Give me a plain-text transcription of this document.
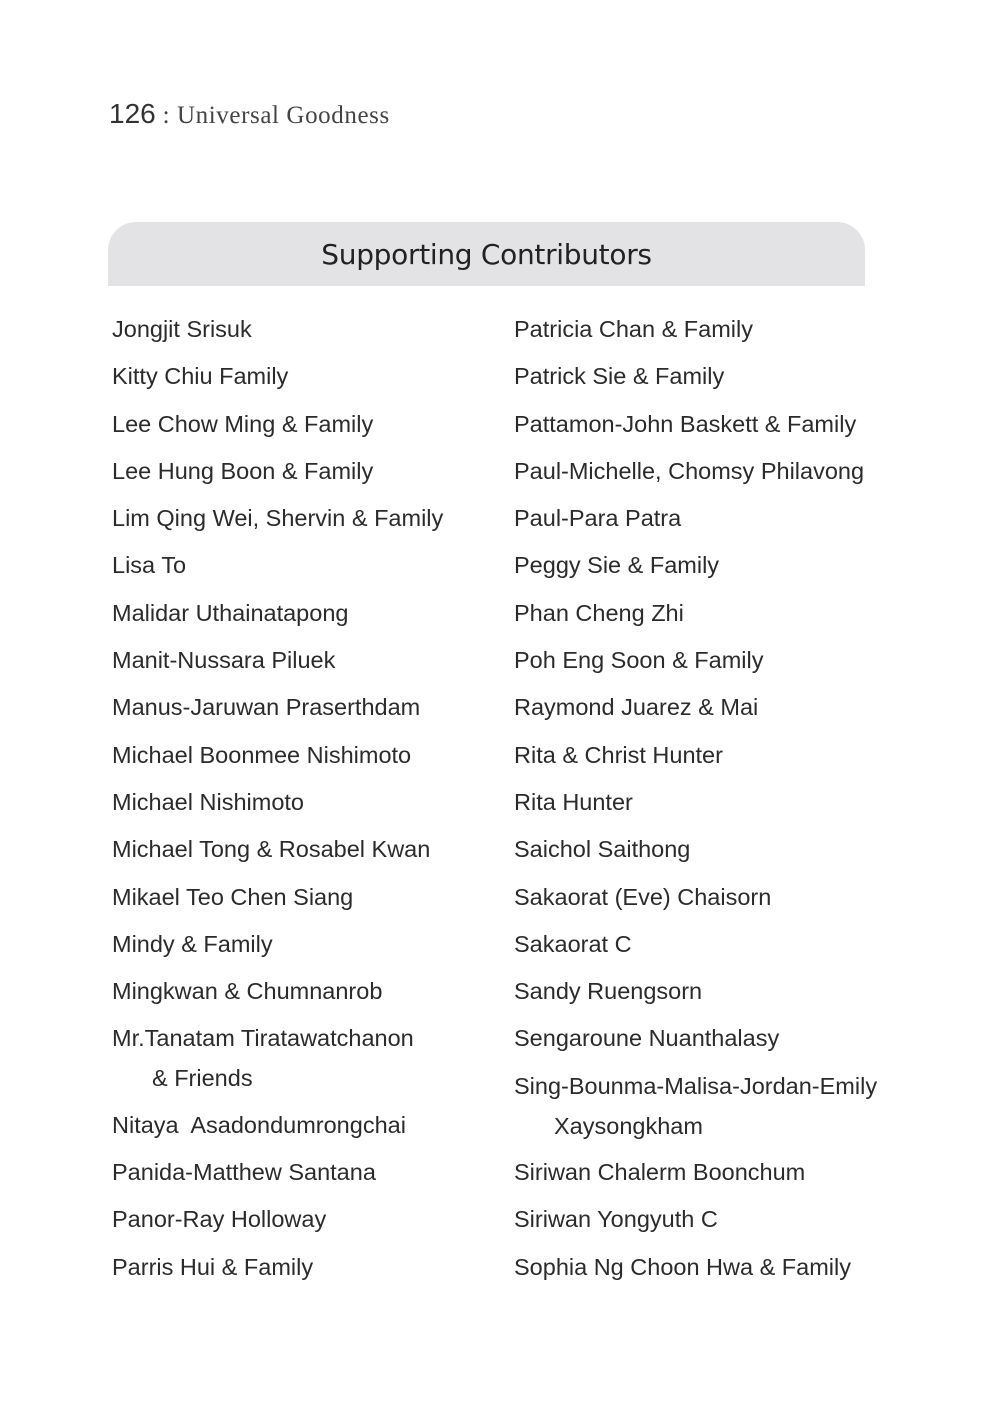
126 : Universal Goodness
Supporting Contributors
Jongjit Srisuk
Kitty Chiu Family
Lee Chow Ming & Family
Lee Hung Boon & Family
Lim Qing Wei, Shervin & Family
Lisa To
Malidar Uthainatapong
Manit-Nussara Piluek
Manus-Jaruwan Praserthdam
Michael Boonmee Nishimoto
Michael Nishimoto
Michael Tong & Rosabel Kwan
Mikael Teo Chen Siang
Mindy & Family
Mingkwan & Chumnanrob
Mr.Tanatam Tiratawatchanon
& Friends
Nitaya  Asadondumrongchai
Panida-Matthew Santana
Panor-Ray Holloway
Parris Hui & Family
Patricia Chan & Family
Patrick Sie & Family
Pattamon-John Baskett & Family
Paul-Michelle, Chomsy Philavong
Paul-Para Patra
Peggy Sie & Family
Phan Cheng Zhi
Poh Eng Soon & Family
Raymond Juarez & Mai
Rita & Christ Hunter
Rita Hunter
Saichol Saithong
Sakaorat (Eve) Chaisorn
Sakaorat C
Sandy Ruengsorn
Sengaroune Nuanthalasy
Sing-Bounma-Malisa-Jordan-Emily
Xaysongkham
Siriwan Chalerm Boonchum
Siriwan Yongyuth C
Sophia Ng Choon Hwa & Family
